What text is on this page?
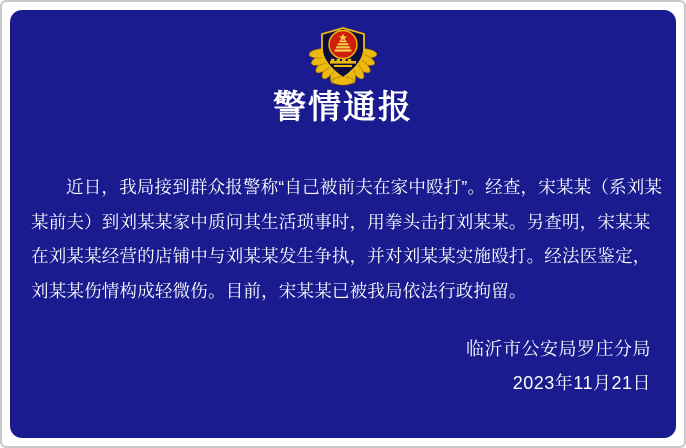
警情通报
近日，我局接到群众报警称“自己被前夫在家中殴打”。经查，宋某某（系刘某
某前夫）到刘某某家中质问其生活琐事时，用拳头击打刘某某。另查明，宋某某
在刘某某经营的店铺中与刘某某发生争执，并对刘某某实施殴打。经法医鉴定，
刘某某伤情构成轻微伤。目前，宋某某已被我局依法行政拘留。
临沂市公安局罗庄分局
2023年11月21日
